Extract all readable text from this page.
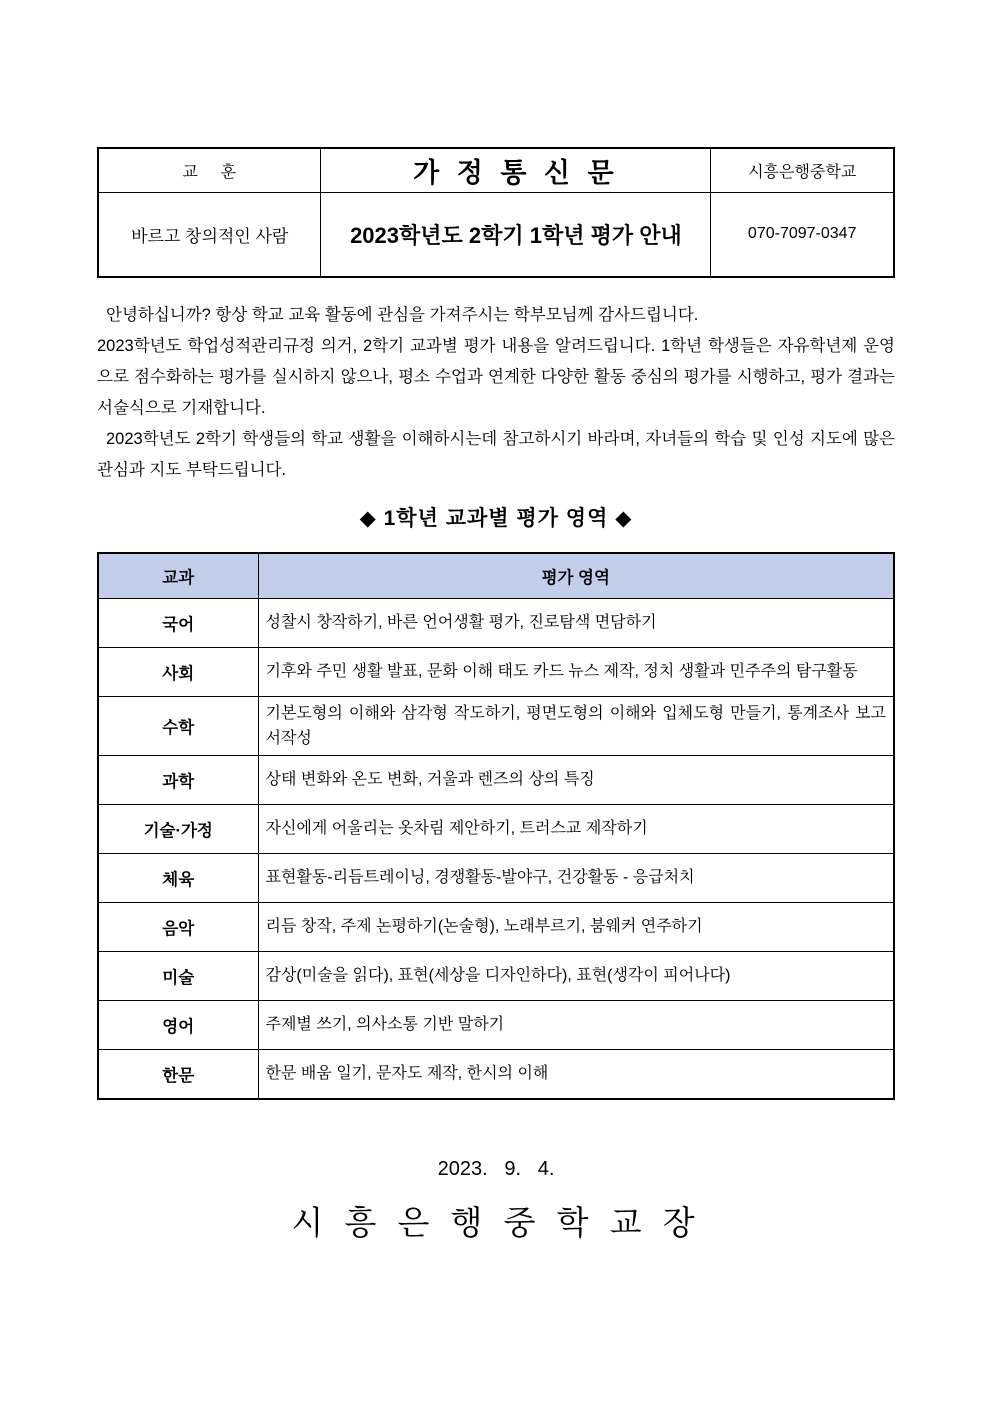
교    훈	가 정 통 신 문	시흥은행중학교
바르고 창의적인 사람	2023학년도 2학기 1학년 평가 안내	070-7097-0347

안녕하십니까? 항상 학교 교육 활동에 관심을 가져주시는 학부모님께 감사드립니다.

2023학년도 학업성적관리규정 의거, 2학기 교과별 평가 내용을 알려드립니다. 1학년 학생들은 자유학년제 운영으로 점수화하는 평가를 실시하지 않으나, 평소 수업과 연계한 다양한 활동 중심의 평가를 시행하고, 평가 결과는 서술식으로 기재합니다.

2023학년도 2학기 학생들의 학교 생활을 이해하시는데 참고하시기 바라며, 자녀들의 학습 및 인성 지도에 많은 관심과 지도 부탁드립니다.

◆ 1학년 교과별 평가 영역 ◆
교과	평가 영역
국어	성찰시 창작하기, 바른 언어생활 평가, 진로탐색 면담하기
사회	기후와 주민 생활 발표, 문화 이해 태도 카드 뉴스 제작, 정치 생활과 민주주의 탐구활동
수학	기본도형의 이해와 삼각형 작도하기, 평면도형의 이해와 입체도형 만들기, 통계조사 보고서작성
과학	상태 변화와 온도 변화, 거울과 렌즈의 상의 특징
기술·가정	자신에게 어울리는 옷차림 제안하기, 트러스교 제작하기
체육	표현활동-리듬트레이닝, 경쟁활동-발야구, 건강활동 - 응급처치
음악	리듬 창작, 주제 논평하기(논술형), 노래부르기, 붐웨커 연주하기
미술	감상(미술을 읽다), 표현(세상을 디자인하다), 표현(생각이 피어나다)
영어	주제별 쓰기, 의사소통 기반 말하기
한문	한문 배움 일기, 문자도 제작, 한시의 이해
2023.   9.   4.
시 흥 은 행 중 학 교 장
